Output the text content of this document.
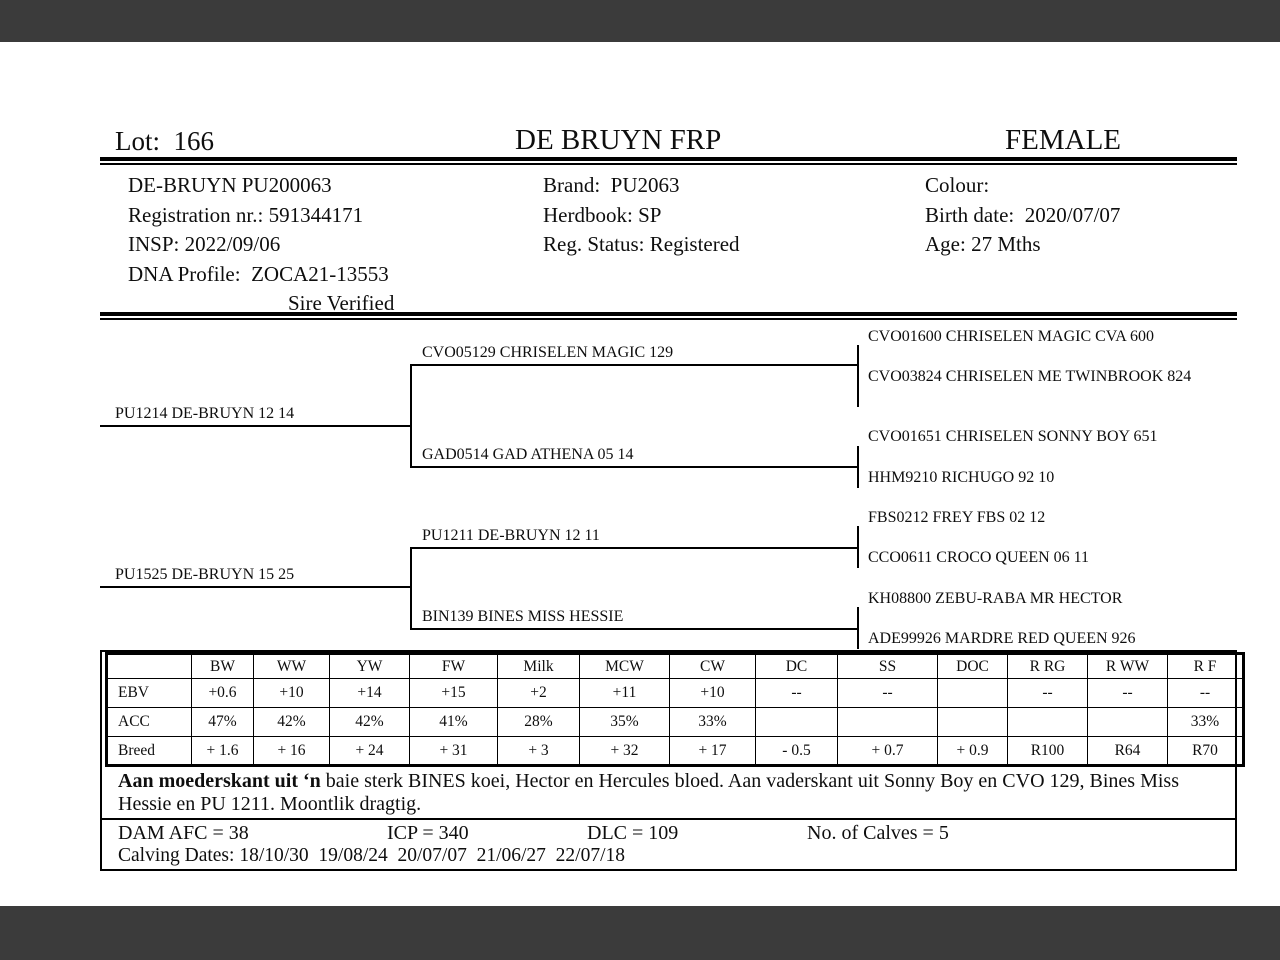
Lot:  166	DE BRUYN FRP	FEMALE
DE-BRUYN PU200063
Registration nr.: 591344171
INSP: 2022/09/06
DNA Profile:  ZOCA21-13553
Sire Verified
Brand:  PU2063
Herdbook: SP
Reg. Status: Registered
Colour:
Birth date:  2020/07/07
Age: 27 Mths
PU1214 DE-BRUYN 12 14
PU1525 DE-BRUYN 15 25
CVO05129 CHRISELEN MAGIC 129
GAD0514 GAD ATHENA 05 14
PU1211 DE-BRUYN 12 11
BIN139 BINES MISS HESSIE
CVO01600 CHRISELEN MAGIC CVA 600
CVO03824 CHRISELEN ME TWINBROOK 824
CVO01651 CHRISELEN SONNY BOY 651
HHM9210 RICHUGO 92 10
FBS0212 FREY FBS 02 12
CCO0611 CROCO QUEEN 06 11
KH08800 ZEBU-RABA MR HECTOR
ADE99926 MARDRE RED QUEEN 926
	BW	WW	YW	FW	Milk	MCW	CW	DC	SS	DOC	R RG	R WW	R F
EBV	+0.6	+10	+14	+15	+2	+11	+10	--	--		--	--	--
ACC	47%	42%	42%	41%	28%	35%	33%						33%
Breed	+ 1.6	+ 16	+ 24	+ 31	+ 3	+ 32	+ 17	- 0.5	+ 0.7	+ 0.9	R100	R64	R70
Aan moederskant uit ‘n baie sterk BINES koei, Hector en Hercules bloed. Aan vaderskant uit Sonny Boy en CVO 129, Bines Miss Hessie en PU 1211. Moontlik dragtig.
DAM AFC = 38	ICP = 340	DLC = 109	No. of Calves = 5
Calving Dates: 18/10/30  19/08/24  20/07/07  21/06/27  22/07/18
